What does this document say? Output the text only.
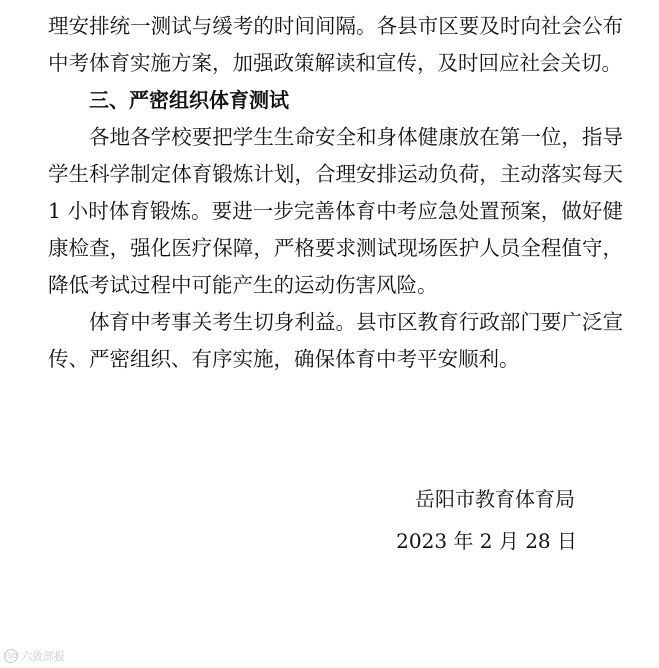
理安排统一测试与缓考的时间间隔。各县市区要及时向社会公布中考体育实施方案，加强政策解读和宣传，及时回应社会关切。

三、严密组织体育测试

各地各学校要把学生生命安全和身体健康放在第一位，指导学生科学制定体育锻炼计划，合理安排运动负荷，主动落实每天 1 小时体育锻炼。要进一步完善体育中考应急处置预案，做好健康检查，强化医疗保障，严格要求测试现场医护人员全程值守，降低考试过程中可能产生的运动伤害风险。

体育中考事关考生切身利益。县市区教育行政部门要广泛宣传、严密组织、有序实施，确保体育中考平安顺利。

岳阳市教育体育局
2023 年 2 月 28 日
ISO 六敛部报
